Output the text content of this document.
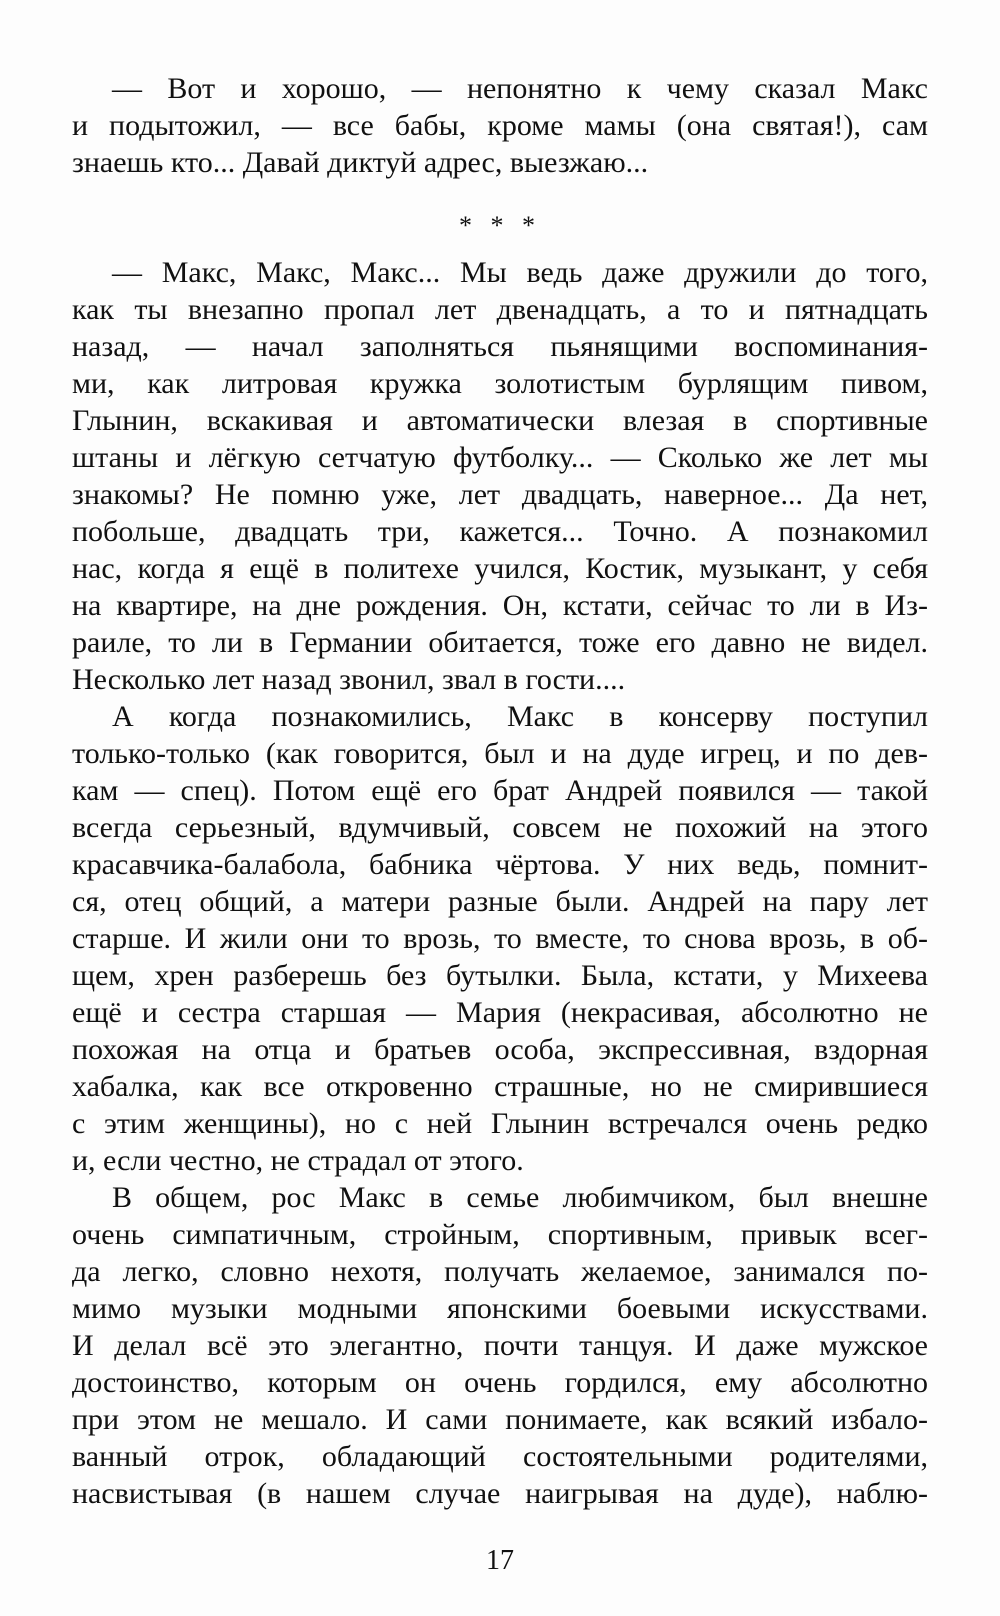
— Вот и хорошо, — непонятно к чему сказал Макс
и подытожил, — все бабы, кроме мамы (она святая!), сам
знаешь кто... Давай диктуй адрес, выезжаю...
* * *
— Макс, Макс, Макс... Мы ведь даже дружили до того,
как ты внезапно пропал лет двенадцать, а то и пятнадцать
назад, — начал заполняться пьянящими воспоминания-
ми, как литровая кружка золотистым бурлящим пивом,
Глынин, вскакивая и автоматически влезая в спортивные
штаны и лёгкую сетчатую футболку... — Сколько же лет мы
знакомы? Не помню уже, лет двадцать, наверное... Да нет,
побольше, двадцать три, кажется... Точно. А познакомил
нас, когда я ещё в политехе учился, Костик, музыкант, у себя
на квартире, на дне рождения. Он, кстати, сейчас то ли в Из-
раиле, то ли в Германии обитается, тоже его давно не видел.
Несколько лет назад звонил, звал в гости....
А когда познакомились, Макс в консерву поступил
только-только (как говорится, был и на дуде игрец, и по дев-
кам — спец). Потом ещё его брат Андрей появился — такой
всегда серьезный, вдумчивый, совсем не похожий на этого
красавчика-балабола, бабника чёртова. У них ведь, помнит-
ся, отец общий, а матери разные были. Андрей на пару лет
старше. И жили они то врозь, то вместе, то снова врозь, в об-
щем, хрен разберешь без бутылки. Была, кстати, у Михеева
ещё и сестра старшая — Мария (некрасивая, абсолютно не
похожая на отца и братьев особа, экспрессивная, вздорная
хабалка, как все откровенно страшные, но не смирившиеся
с этим женщины), но с ней Глынин встречался очень редко
и, если честно, не страдал от этого.
В общем, рос Макс в семье любимчиком, был внешне
очень симпатичным, стройным, спортивным, привык всег-
да легко, словно нехотя, получать желаемое, занимался по-
мимо музыки модными японскими боевыми искусствами.
И делал всё это элегантно, почти танцуя. И даже мужское
достоинство, которым он очень гордился, ему абсолютно
при этом не мешало. И сами понимаете, как всякий избало-
ванный отрок, обладающий состоятельными родителями,
насвистывая (в нашем случае наигрывая на дуде), наблю-
17
